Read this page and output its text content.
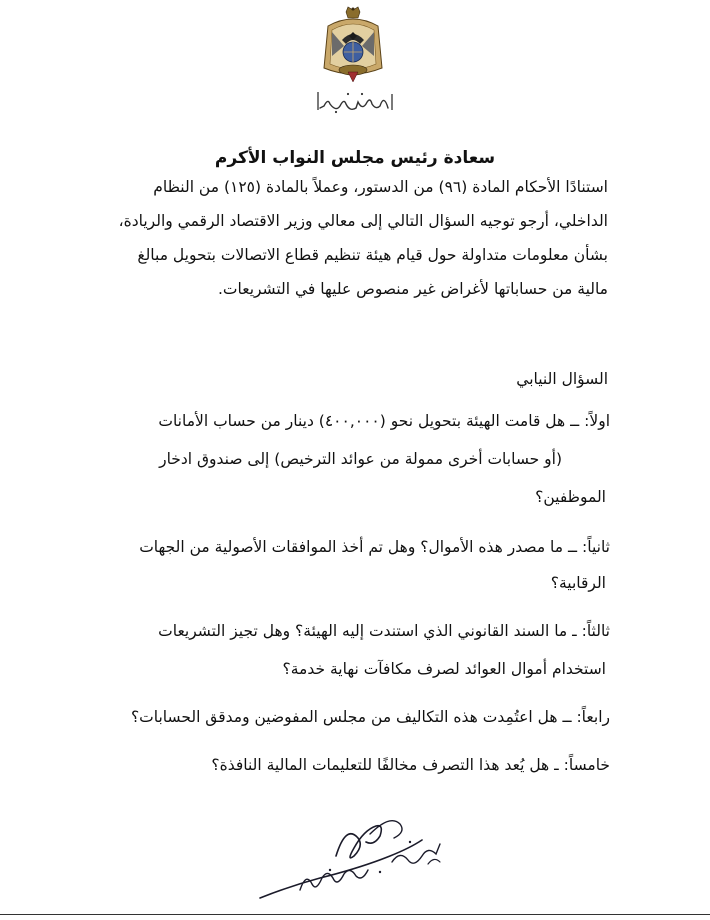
سعادة رئيس مجلس النواب الأكرم
استنادًا الأحكام المادة (٩٦) من الدستور، وعملاً بالمادة (١٢٥) من النظام
الداخلي، أرجو توجيه السؤال التالي إلى معالي وزير الاقتصاد الرقمي والريادة،
بشأن معلومات متداولة حول قيام هيئة تنظيم قطاع الاتصالات بتحويل مبالغ
مالية من حساباتها لأغراض غير منصوص عليها في التشريعات.
السؤال النيابي
اولاً: ــ هل قامت الهيئة بتحويل نحو (٤٠٠,٠٠٠) دينار من حساب الأمانات
(أو حسابات أخرى ممولة من عوائد الترخيص) إلى صندوق ادخار
الموظفين؟
ثانياً: ــ ما مصدر هذه الأموال؟ وهل تم أخذ الموافقات الأصولية من الجهات
الرقابية؟
ثالثاً: ـ ما السند القانوني الذي استندت إليه الهيئة؟ وهل تجيز التشريعات
استخدام أموال العوائد لصرف مكافآت نهاية خدمة؟
رابعاً: ــ هل اعتُمِدت هذه التكاليف من مجلس المفوضين ومدقق الحسابات؟
خامساً: ـ هل يُعد هذا التصرف مخالفًا للتعليمات المالية النافذة؟
